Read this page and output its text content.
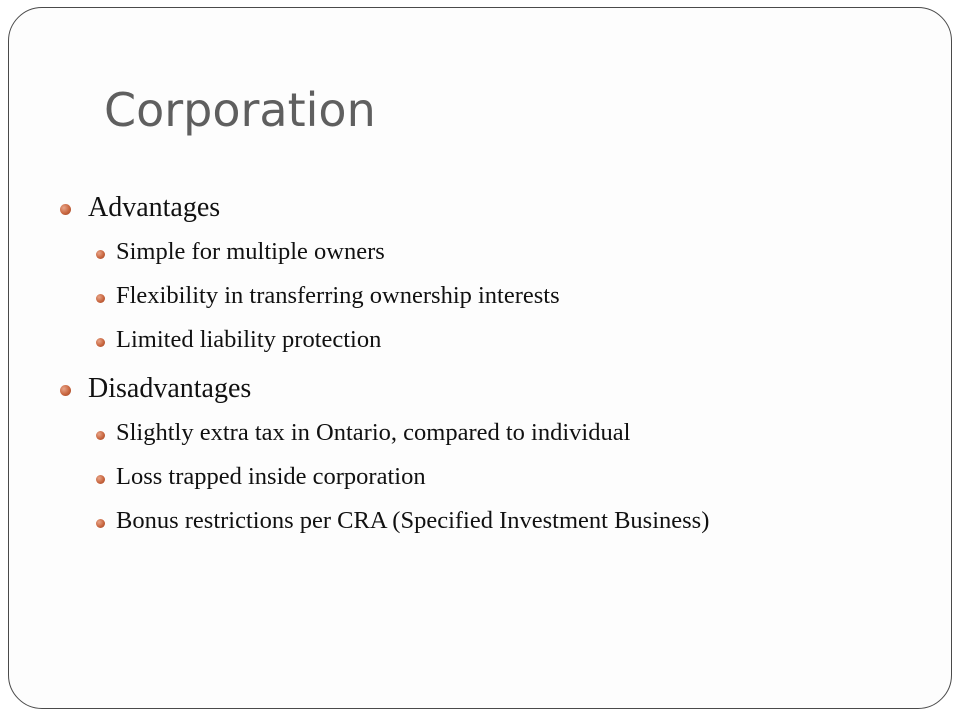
Corporation
Advantages
Simple for multiple owners
Flexibility in transferring ownership interests
Limited liability protection
Disadvantages
Slightly extra tax in Ontario, compared to individual
Loss trapped inside corporation
Bonus restrictions per CRA (Specified Investment Business)
